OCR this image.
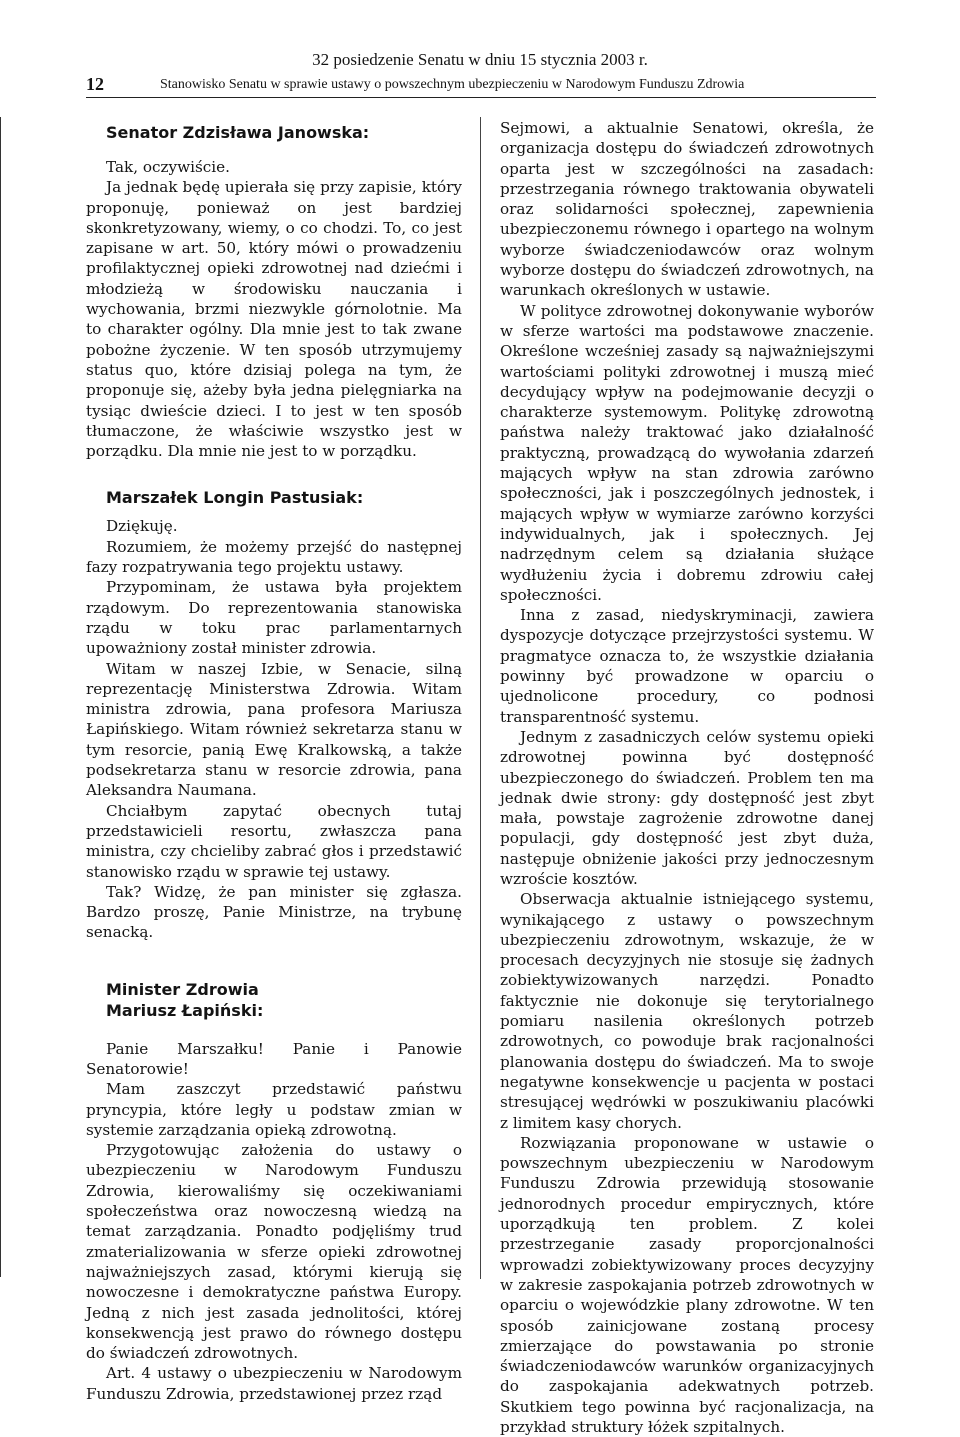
32 posiedzenie Senatu w dniu 15 stycznia 2003 r.
12	Stanowisko Senatu w sprawie ustawy o powszechnym ubezpieczeniu w Narodowym Funduszu Zdrowia
Senator Zdzisława Janowska:

Tak, oczywiście.

Ja jednak będę upierała się przy zapisie, który proponuję, ponieważ on jest bardziej skonkretyzowany, wiemy, o co chodzi. To, co jest zapisane w art. 50, który mówi o prowadzeniu profilaktycznej opieki zdrowotnej nad dziećmi i młodzieżą w środowisku nauczania i wychowania, brzmi niezwykle górnolotnie. Ma to charakter ogólny. Dla mnie jest to tak zwane pobożne życzenie. W ten sposób utrzymujemy status quo, które dzisiaj polega na tym, że proponuje się, ażeby była jedna pielęgniarka na tysiąc dwieście dzieci. I to jest w ten sposób tłumaczone, że właściwie wszystko jest w porządku. Dla mnie nie jest to w porządku.

Marszałek Longin Pastusiak:

Dziękuję.

Rozumiem, że możemy przejść do następnej fazy rozpatrywania tego projektu ustawy.

Przypominam, że ustawa była projektem rządowym. Do reprezentowania stanowiska rządu w toku prac parlamentarnych upoważniony został minister zdrowia.

Witam w naszej Izbie, w Senacie, silną reprezentację Ministerstwa Zdrowia. Witam ministra zdrowia, pana profesora Mariusza Łapińskiego. Witam również sekretarza stanu w tym resorcie, panią Ewę Kralkowską, a także podsekretarza stanu w resorcie zdrowia, pana Aleksandra Naumana.

Chciałbym zapytać obecnych tutaj przedstawicieli resortu, zwłaszcza pana ministra, czy chcieliby zabrać głos i przedstawić stanowisko rządu w sprawie tej ustawy.

Tak? Widzę, że pan minister się zgłasza. Bardzo proszę, Panie Ministrze, na trybunę senacką.

Minister Zdrowia
Mariusz Łapiński:

Panie Marszałku! Panie i Panowie Senatorowie!

Mam zaszczyt przedstawić państwu pryncypia, które legły u podstaw zmian w systemie zarządzania opieką zdrowotną.

Przygotowując założenia do ustawy o ubezpieczeniu w Narodowym Funduszu Zdrowia, kierowaliśmy się oczekiwaniami społeczeństwa oraz nowoczesną wiedzą na temat zarządzania. Ponadto podjęliśmy trud zmaterializowania w sferze opieki zdrowotnej najważniejszych zasad, którymi kierują się nowoczesne i demokratyczne państwa Europy. Jedną z nich jest zasada jednolitości, której konsekwencją jest prawo do równego dostępu do świadczeń zdrowotnych.

Art. 4 ustawy o ubezpieczeniu w Narodowym Funduszu Zdrowia, przedstawionej przez rząd

Sejmowi, a aktualnie Senatowi, określa, że organizacja dostępu do świadczeń zdrowotnych oparta jest w szczególności na zasadach: przestrzegania równego traktowania obywateli oraz solidarności społecznej, zapewnienia ubezpieczonemu równego i opartego na wolnym wyborze świadczeniodawców oraz wolnym wyborze dostępu do świadczeń zdrowotnych, na warunkach określonych w ustawie.

W polityce zdrowotnej dokonywanie wyborów w sferze wartości ma podstawowe znaczenie. Określone wcześniej zasady są najważniejszymi wartościami polityki zdrowotnej i muszą mieć decydujący wpływ na podejmowanie decyzji o charakterze systemowym. Politykę zdrowotną państwa należy traktować jako działalność praktyczną, prowadzącą do wywołania zdarzeń mających wpływ na stan zdrowia zarówno społeczności, jak i poszczególnych jednostek, i mających wpływ w wymiarze zarówno korzyści indywidualnych, jak i społecznych. Jej nadrzędnym celem są działania służące wydłużeniu życia i dobremu zdrowiu całej społeczności.

Inna z zasad, niedyskryminacji, zawiera dyspozycje dotyczące przejrzystości systemu. W pragmatyce oznacza to, że wszystkie działania powinny być prowadzone w oparciu o ujednolicone procedury, co podnosi transparentność systemu.

Jednym z zasadniczych celów systemu opieki zdrowotnej powinna być dostępność ubezpieczonego do świadczeń. Problem ten ma jednak dwie strony: gdy dostępność jest zbyt mała, powstaje zagrożenie zdrowotne danej populacji, gdy dostępność jest zbyt duża, następuje obniżenie jakości przy jednoczesnym wzroście kosztów.

Obserwacja aktualnie istniejącego systemu, wynikającego z ustawy o powszechnym ubezpieczeniu zdrowotnym, wskazuje, że w procesach decyzyjnych nie stosuje się żadnych zobiektywizowanych narzędzi. Ponadto faktycznie nie dokonuje się terytorialnego pomiaru nasilenia określonych potrzeb zdrowotnych, co powoduje brak racjonalności planowania dostępu do świadczeń. Ma to swoje negatywne konsekwencje u pacjenta w postaci stresującej wędrówki w poszukiwaniu placówki z limitem kasy chorych.

Rozwiązania proponowane w ustawie o powszechnym ubezpieczeniu w Narodowym Funduszu Zdrowia przewidują stosowanie jednorodnych procedur empirycznych, które uporządkują ten problem. Z kolei przestrzeganie zasady proporcjonalności wprowadzi zobiektywizowany proces decyzyjny w zakresie zaspokajania potrzeb zdrowotnych w oparciu o wojewódzkie plany zdrowotne. W ten sposób zainicjowane zostaną procesy zmierzające do powstawania po stronie świadczeniodawców warunków organizacyjnych do zaspokajania adekwatnych potrzeb. Skutkiem tego powinna być racjonalizacja, na przykład struktury łóżek szpitalnych.
